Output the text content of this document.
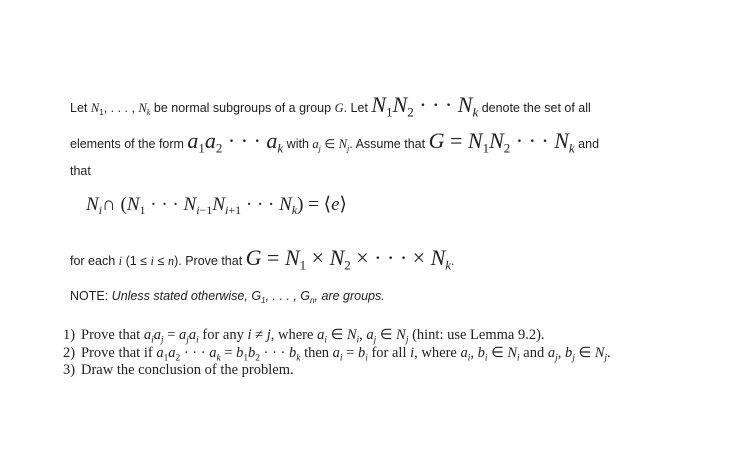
Let $N_1$, . . . , $N_k$ be normal subgroups of a group G. Let $N_1N_2$ · · · $N_k$ denote the set of all
elements of the form $a_1a_2$ · · · $a_k$ with $a_j$ ∈ $N_j$. Assume that $G = N_1N_2$ · · · $N_k$ and
that
$N_i\cap$ ($N_1$ · · · $N_{i-1}N_{i+1}$ · · · $N_k$) = ⟨e⟩
for each i (1 ≤ i ≤ n). Prove that $G = N_1 \times N_2$ × · · · × $N_k$.
NOTE: Unless stated otherwise, $G_1$, . . . , $G_n$, are groups.
1) Prove that $a_ia_j = a_ja_i$ for any i ≠ j, where $a_i$ ∈ $N_i$, $a_j$ ∈ $N_j$ (hint: use Lemma 9.2).
2) Prove that if $a_1a_2$ · · · $a_k = b_1b_2$ · · · $b_k$ then $a_i = b_i$ for all i, where $a_i$, $b_i$ ∈ $N_i$ and $a_j$, $b_j$ ∈ $N_j$.
3) Draw the conclusion of the problem.
